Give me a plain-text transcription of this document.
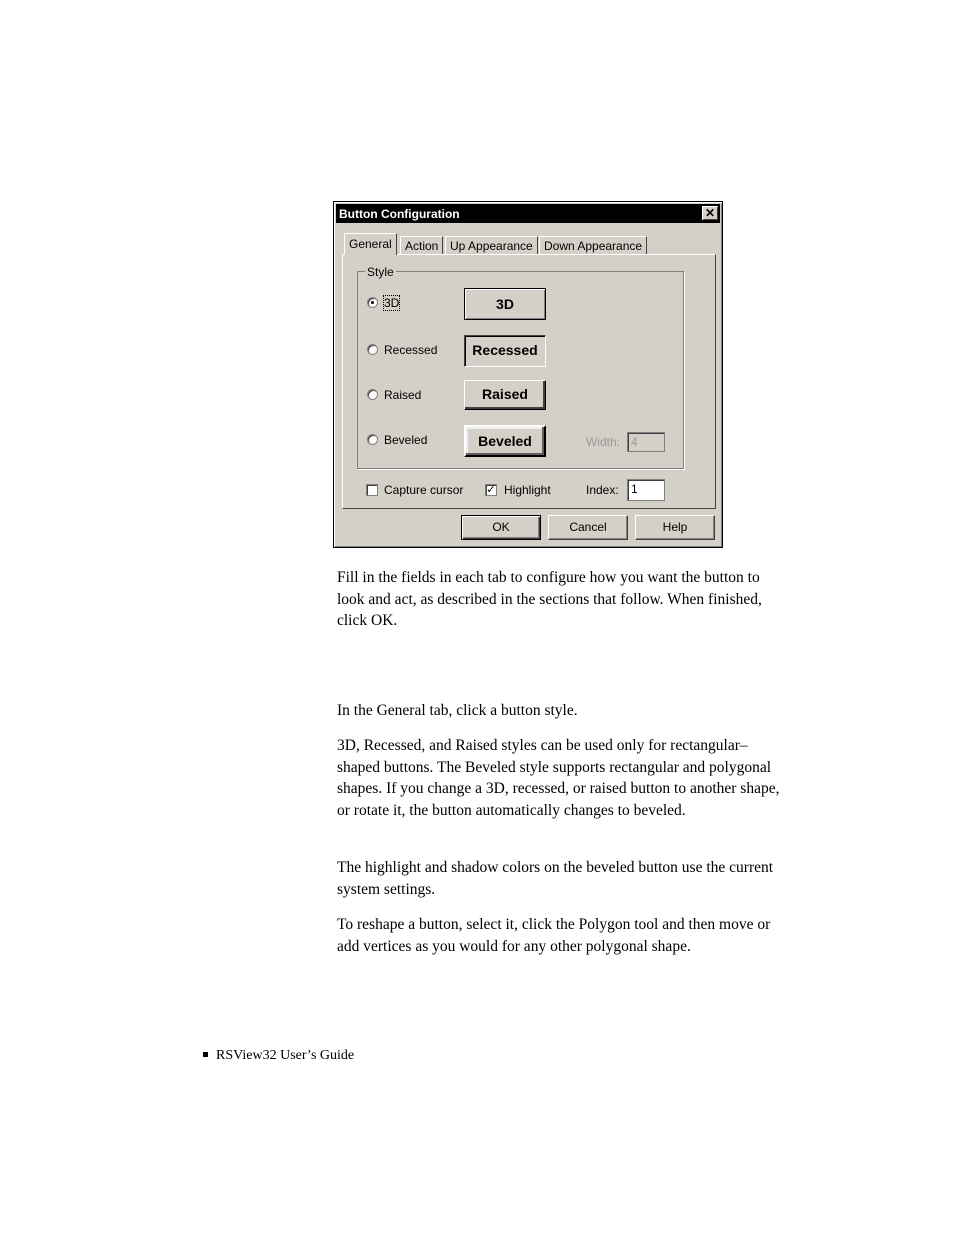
Button Configuration	✕
General	Action Up Appearance Down Appearance
Style
3D	3D
Recessed	Recessed
Raised	Raised
Beveled	Beveled	Width: 4
Capture cursor ✓ Highlight	Index:	1
OK	Cancel	Help

Fill in the fields in each tab to configure how you want the button to look and act, as described in the sections that follow. When finished, click OK.

In the General tab, click a button style.

3D, Recessed, and Raised styles can be used only for rectangular–shaped buttons. The Beveled style supports rectangular and polygonal shapes. If you change a 3D, recessed, or raised button to another shape, or rotate it, the button automatically changes to beveled.

The highlight and shadow colors on the beveled button use the current system settings.

To reshape a button, select it, click the Polygon tool and then move or add vertices as you would for any other polygonal shape.

RSView32 User’s Guide
